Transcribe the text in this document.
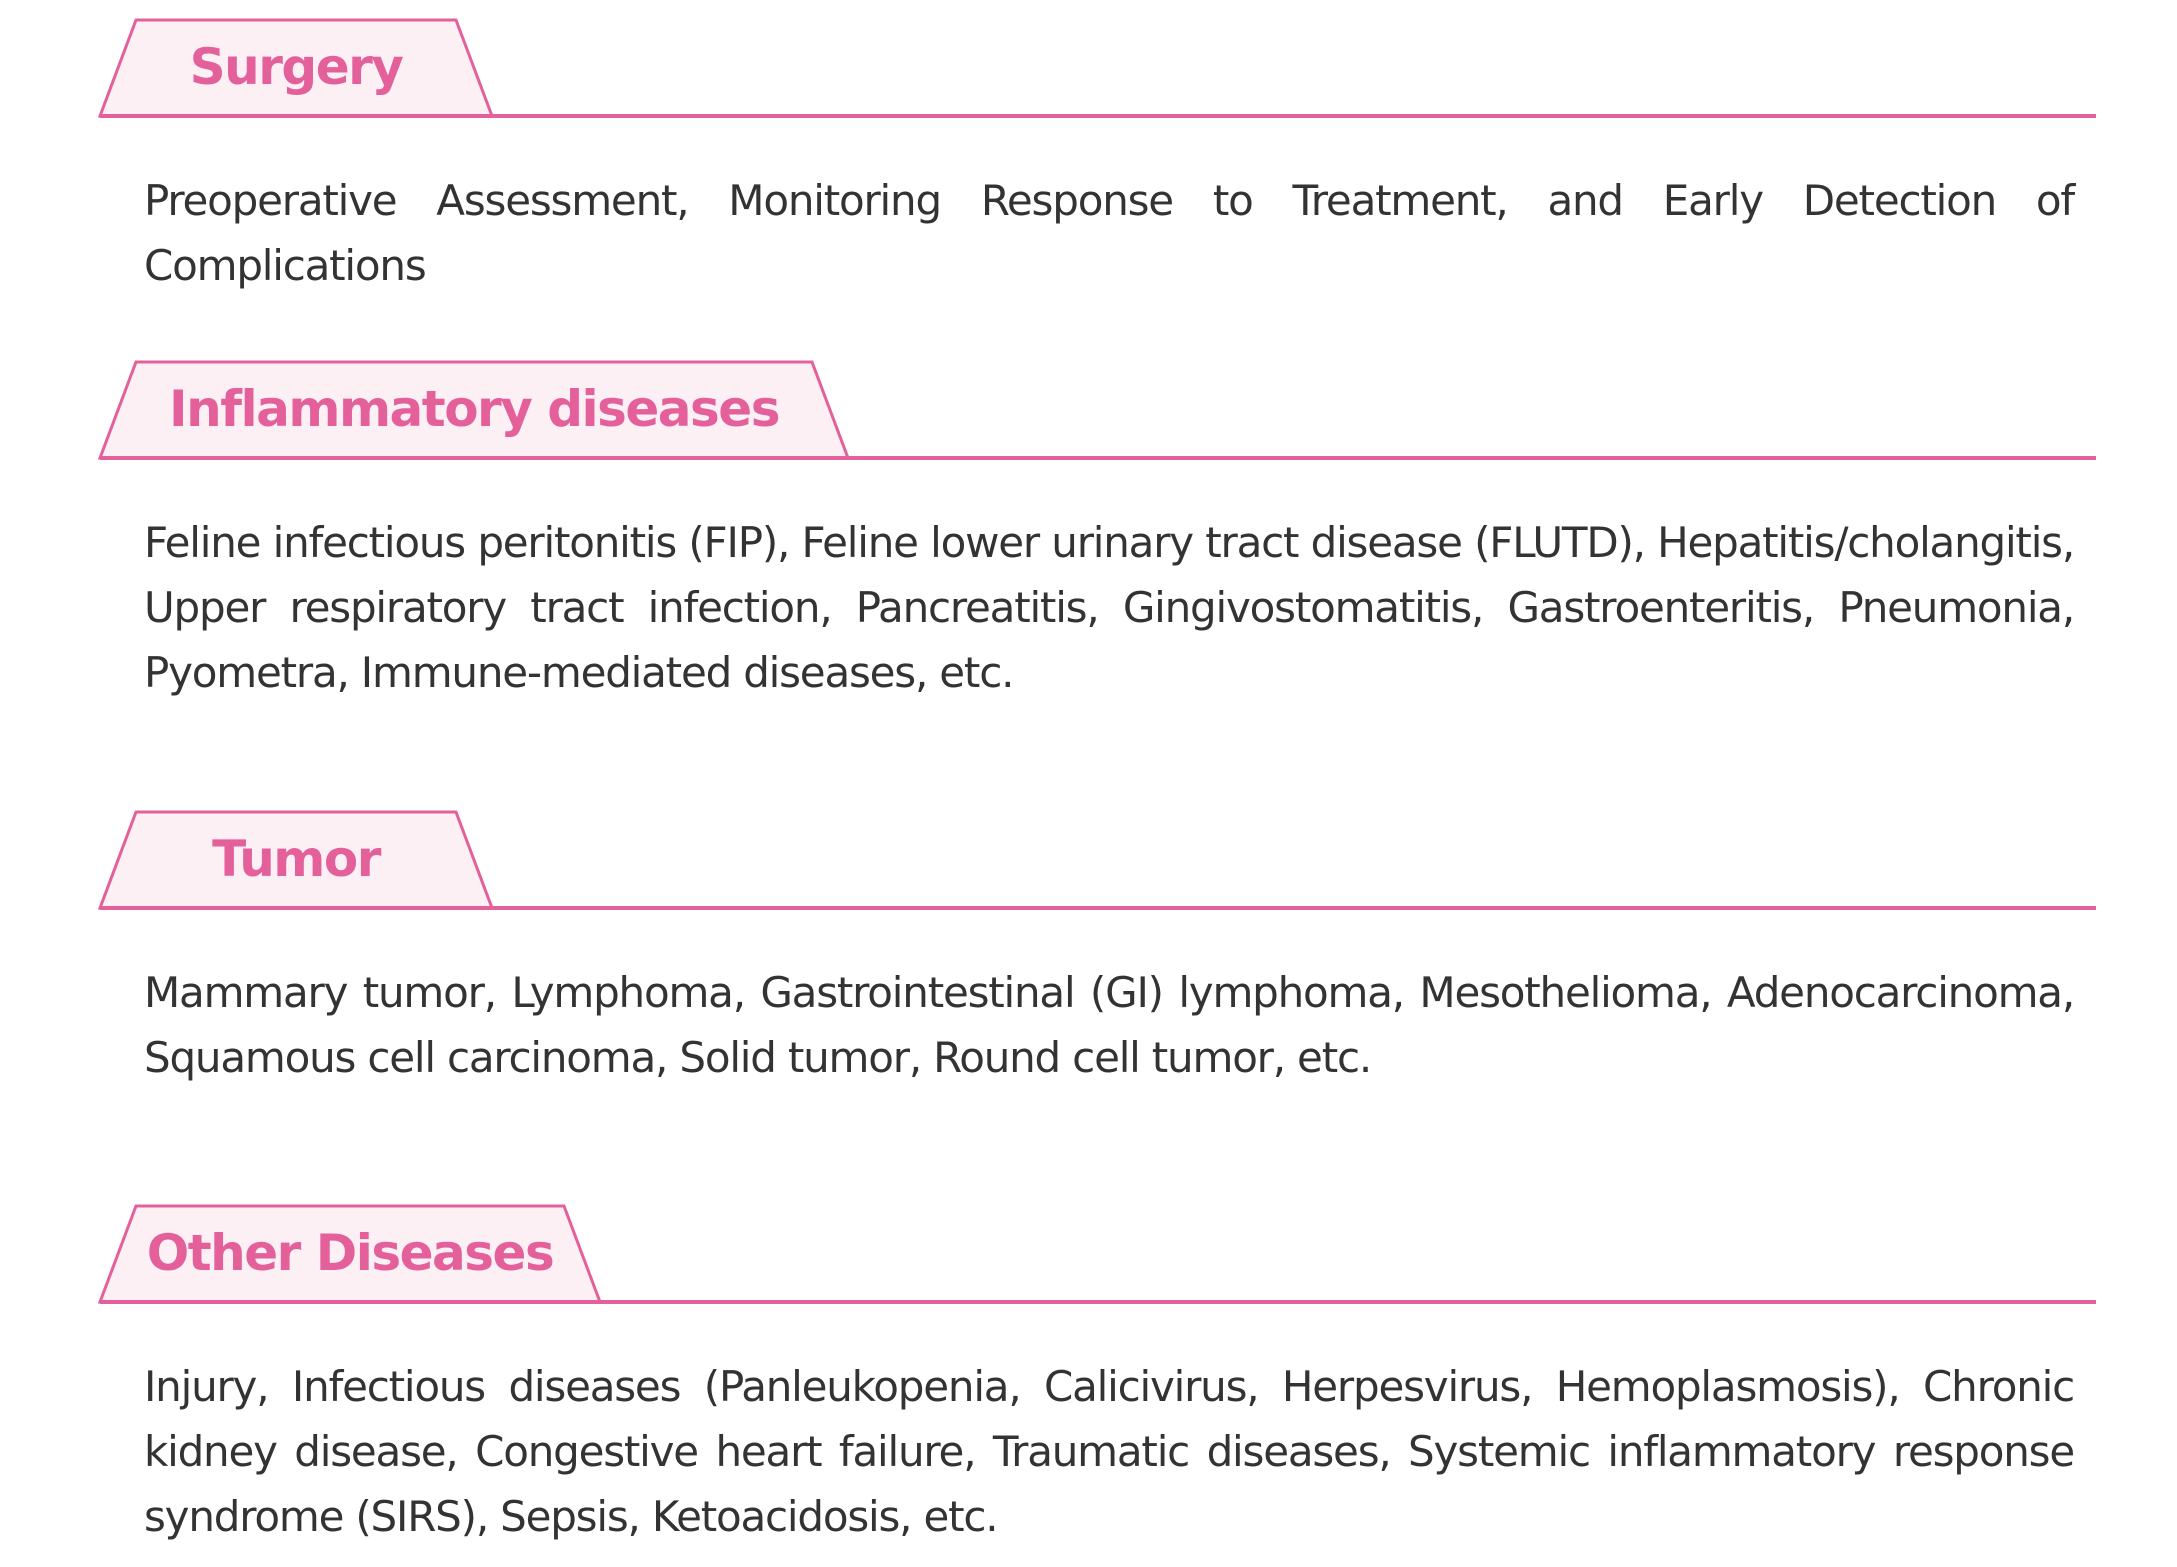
Surgery

Preoperative Assessment, Monitoring Response to Treatment, and Early Detection of Complications

Inflammatory diseases

Feline infectious peritonitis (FIP), Feline lower urinary tract disease (FLUTD), Hepatitis/cholangitis, Upper respiratory tract infection, Pancreatitis, Gingivostomatitis, Gastroenteritis, Pneumonia, Pyometra, Immune-mediated diseases, etc.

Tumor

Mammary tumor, Lymphoma, Gastrointestinal (GI) lymphoma, Mesothelioma, Adenocarcinoma, Squamous cell carcinoma, Solid tumor, Round cell tumor, etc.

Other Diseases

Injury, Infectious diseases (Panleukopenia, Calicivirus, Herpesvirus, Hemoplasmosis), Chronic kidney disease, Congestive heart failure, Traumatic diseases, Systemic inflammatory response syndrome (SIRS), Sepsis, Ketoacidosis, etc.
